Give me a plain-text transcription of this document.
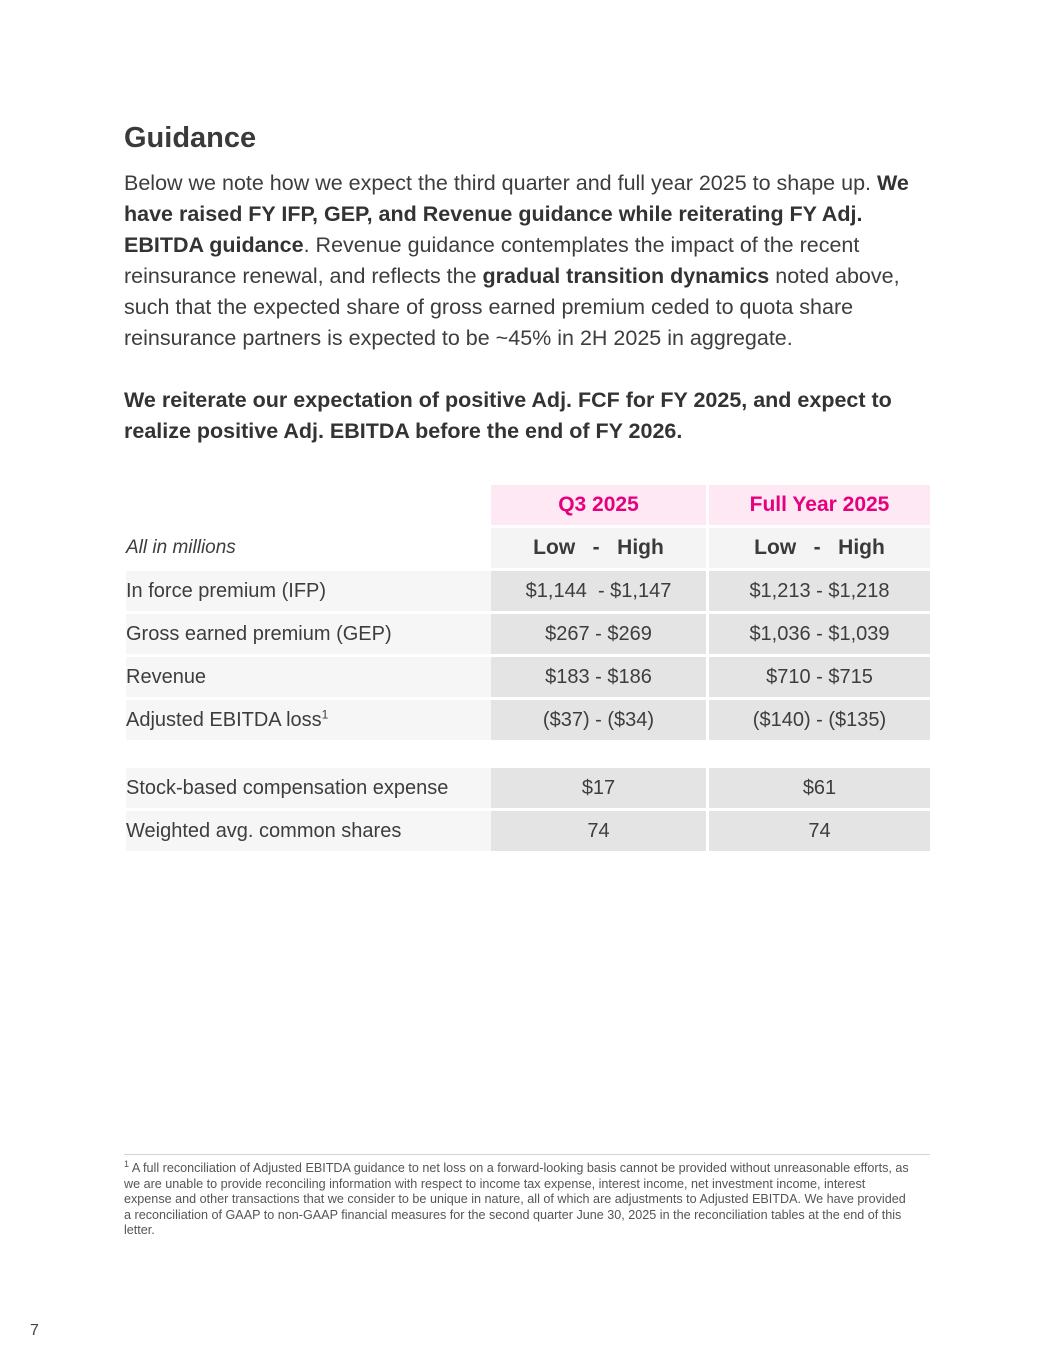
Guidance

Below we note how we expect the third quarter and full year 2025 to shape up. We have raised FY IFP, GEP, and Revenue guidance while reiterating FY Adj. EBITDA guidance. Revenue guidance contemplates the impact of the recent reinsurance renewal, and reflects the gradual transition dynamics noted above, such that the expected share of gross earned premium ceded to quota share reinsurance partners is expected to be ~45% in 2H 2025 in aggregate.

We reiterate our expectation of positive Adj. FCF for FY 2025, and expect to realize positive Adj. EBITDA before the end of FY 2026.

	Q3 2025	Full Year 2025
All in millions	Low   -   High	Low   -   High
In force premium (IFP)	$1,144  - $1,147	$1,213 - $1,218
Gross earned premium (GEP)	$267 - $269	$1,036 - $1,039
Revenue	$183 - $186	$710 - $715
Adjusted EBITDA loss$^1$	($37) - ($34)	($140) - ($135)
Stock-based compensation expense	$17	$61
Weighted avg. common shares	74	74

$^1$ A full reconciliation of Adjusted EBITDA guidance to net loss on a forward-looking basis cannot be provided without unreasonable efforts, as we are unable to provide reconciling information with respect to income tax expense, interest income, net investment income, interest expense and other transactions that we consider to be unique in nature, all of which are adjustments to Adjusted EBITDA. We have provided a reconciliation of GAAP to non-GAAP financial measures for the second quarter June 30, 2025 in the reconciliation tables at the end of this letter.

7
